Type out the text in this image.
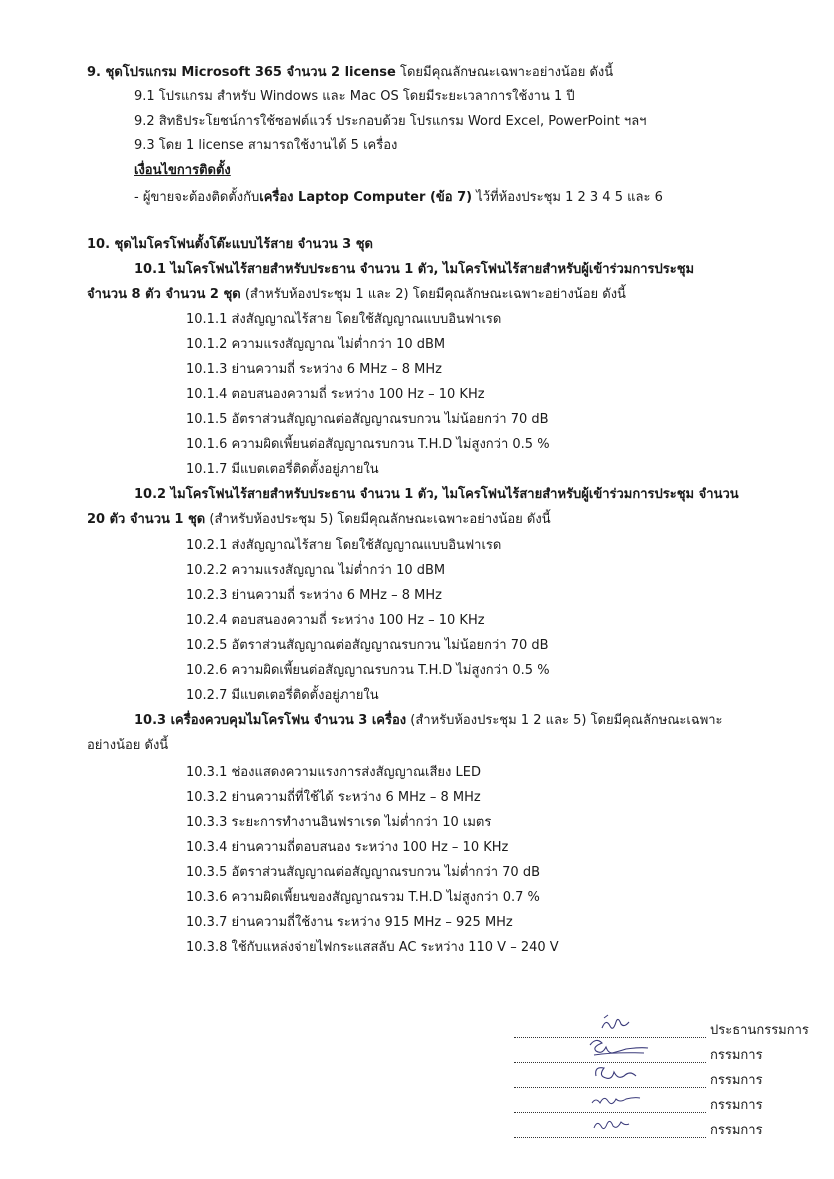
9. ชุดโปรแกรม Microsoft 365 จำนวน 2 license โดยมีคุณลักษณะเฉพาะอย่างน้อย ดังนี้
9.1 โปรแกรม สำหรับ Windows และ Mac OS โดยมีระยะเวลาการใช้งาน 1 ปี
9.2 สิทธิประโยชน์การใช้ซอฟต์แวร์ ประกอบด้วย โปรแกรม Word Excel, PowerPoint ฯลฯ
9.3 โดย 1 license สามารถใช้งานได้ 5 เครื่อง
เงื่อนไขการติดตั้ง
- ผู้ขายจะต้องติดตั้งกับเครื่อง Laptop Computer (ข้อ 7) ไว้ที่ห้องประชุม 1 2 3 4 5 และ 6
10. ชุดไมโครโฟนตั้งโต๊ะแบบไร้สาย จำนวน 3 ชุด
10.1 ไมโครโฟนไร้สายสำหรับประธาน จำนวน 1 ตัว, ไมโครโฟนไร้สายสำหรับผู้เข้าร่วมการประชุม
จำนวน 8 ตัว จำนวน 2 ชุด (สำหรับห้องประชุม 1 และ 2) โดยมีคุณลักษณะเฉพาะอย่างน้อย ดังนี้
10.1.1 ส่งสัญญาณไร้สาย โดยใช้สัญญาณแบบอินฟาเรด
10.1.2 ความแรงสัญญาณ ไม่ต่ำกว่า 10 dBM
10.1.3 ย่านความถี่ ระหว่าง 6 MHz – 8 MHz
10.1.4 ตอบสนองความถี่ ระหว่าง 100 Hz – 10 KHz
10.1.5 อัตราส่วนสัญญาณต่อสัญญาณรบกวน ไม่น้อยกว่า 70 dB
10.1.6 ความผิดเพี้ยนต่อสัญญาณรบกวน T.H.D ไม่สูงกว่า 0.5 %
10.1.7 มีแบตเตอรี่ติดตั้งอยู่ภายใน
10.2 ไมโครโฟนไร้สายสำหรับประธาน จำนวน 1 ตัว, ไมโครโฟนไร้สายสำหรับผู้เข้าร่วมการประชุม จำนวน
20 ตัว จำนวน 1 ชุด (สำหรับห้องประชุม 5) โดยมีคุณลักษณะเฉพาะอย่างน้อย ดังนี้
10.2.1 ส่งสัญญาณไร้สาย โดยใช้สัญญาณแบบอินฟาเรด
10.2.2 ความแรงสัญญาณ ไม่ต่ำกว่า 10 dBM
10.2.3 ย่านความถี่ ระหว่าง 6 MHz – 8 MHz
10.2.4 ตอบสนองความถี่ ระหว่าง 100 Hz – 10 KHz
10.2.5 อัตราส่วนสัญญาณต่อสัญญาณรบกวน ไม่น้อยกว่า 70 dB
10.2.6 ความผิดเพี้ยนต่อสัญญาณรบกวน T.H.D ไม่สูงกว่า 0.5 %
10.2.7 มีแบตเตอรี่ติดตั้งอยู่ภายใน
10.3 เครื่องควบคุมไมโครโฟน จำนวน 3 เครื่อง (สำหรับห้องประชุม 1 2 และ 5) โดยมีคุณลักษณะเฉพาะ
อย่างน้อย ดังนี้
10.3.1 ช่องแสดงความแรงการส่งสัญญาณเสียง LED
10.3.2 ย่านความถี่ที่ใช้ได้ ระหว่าง 6 MHz – 8 MHz
10.3.3 ระยะการทำงานอินฟราเรด ไม่ต่ำกว่า 10 เมตร
10.3.4 ย่านความถี่ตอบสนอง ระหว่าง 100 Hz – 10 KHz
10.3.5 อัตราส่วนสัญญาณต่อสัญญาณรบกวน ไม่ต่ำกว่า 70 dB
10.3.6 ความผิดเพี้ยนของสัญญาณรวม T.H.D ไม่สูงกว่า 0.7 %
10.3.7 ย่านความถี่ใช้งาน ระหว่าง 915 MHz – 925 MHz
10.3.8 ใช้กับแหล่งจ่ายไฟกระแสสลับ AC ระหว่าง 110 V – 240 V
ประธานกรรมการ
กรรมการ
กรรมการ
กรรมการ
กรรมการ
